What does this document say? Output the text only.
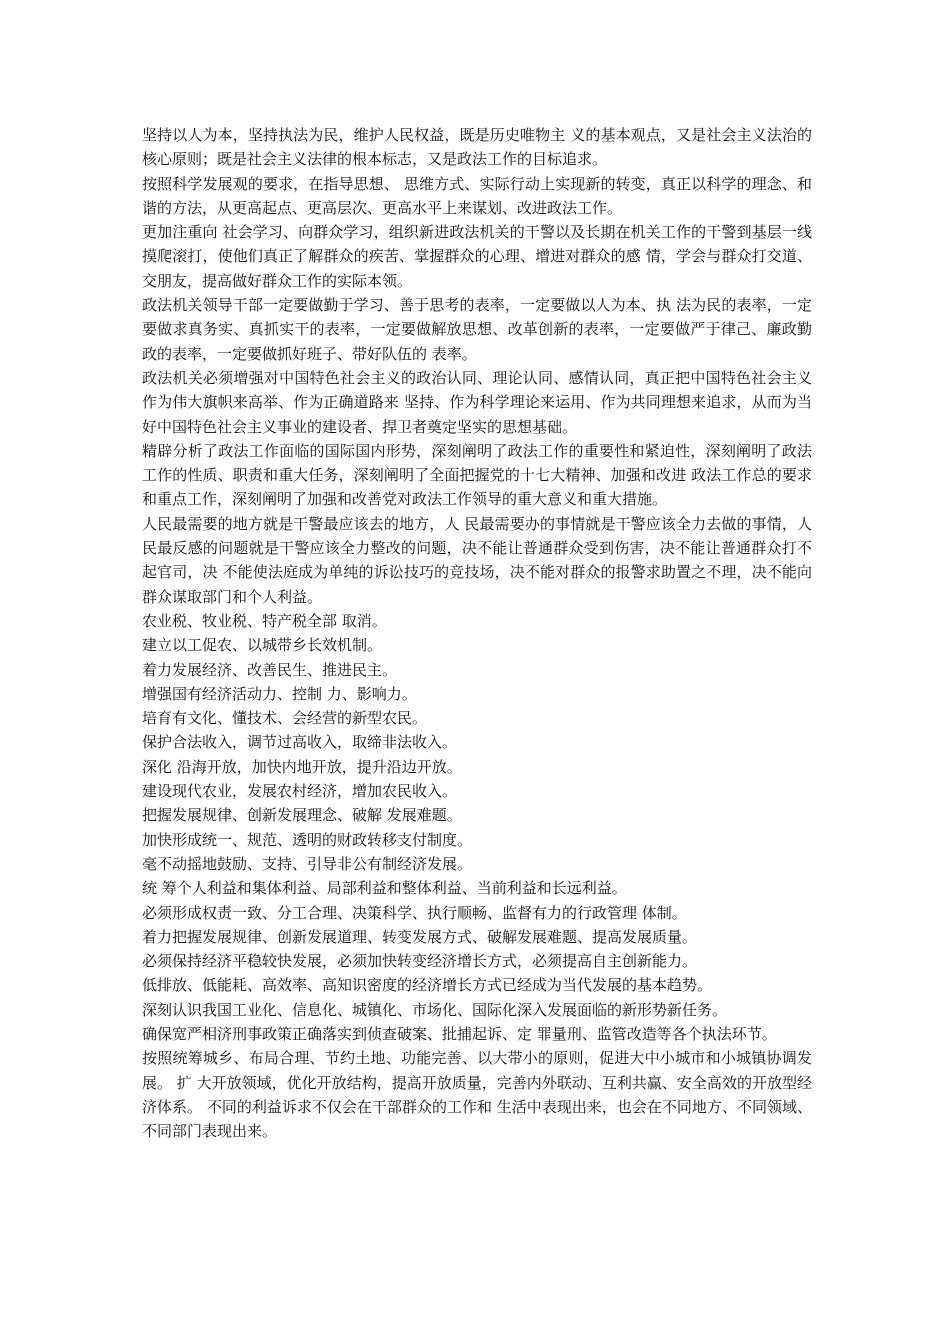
坚持以人为本，坚持执法为民，维护人民权益，既是历史唯物主 义的基本观点，又是社会主义法治的核心原则；既是社会主义法律的根本标志，又是政法工作的目标追求。

按照科学发展观的要求，在指导思想、 思维方式、实际行动上实现新的转变，真正以科学的理念、和谐的方法，从更高起点、更高层次、更高水平上来谋划、改进政法工作。

更加注重向 社会学习、向群众学习，组织新进政法机关的干警以及长期在机关工作的干警到基层一线摸爬滚打，使他们真正了解群众的疾苦、掌握群众的心理、增进对群众的感 情，学会与群众打交道、交朋友，提高做好群众工作的实际本领。

政法机关领导干部一定要做勤于学习、善于思考的表率，一定要做以人为本、执 法为民的表率，一定要做求真务实、真抓实干的表率，一定要做解放思想、改革创新的表率，一定要做严于律己、廉政勤政的表率，一定要做抓好班子、带好队伍的 表率。

政法机关必须增强对中国特色社会主义的政治认同、理论认同、感情认同，真正把中国特色社会主义作为伟大旗帜来高举、作为正确道路来 坚持、作为科学理论来运用、作为共同理想来追求，从而为当好中国特色社会主义事业的建设者、捍卫者奠定坚实的思想基础。

精辟分析了政法工作面临的国际国内形势，深刻阐明了政法工作的重要性和紧迫性，深刻阐明了政法工作的性质、职责和重大任务，深刻阐明了全面把握党的十七大精神、加强和改进 政法工作总的要求和重点工作，深刻阐明了加强和改善党对政法工作领导的重大意义和重大措施。

人民最需要的地方就是干警最应该去的地方，人 民最需要办的事情就是干警应该全力去做的事情，人民最反感的问题就是干警应该全力整改的问题，决不能让普通群众受到伤害，决不能让普通群众打不起官司，决 不能使法庭成为单纯的诉讼技巧的竞技场，决不能对群众的报警求助置之不理，决不能向群众谋取部门和个人利益。

农业税、牧业税、特产税全部 取消。

建立以工促农、以城带乡长效机制。

着力发展经济、改善民生、推进民主。

增强国有经济活动力、控制 力、影响力。

培育有文化、懂技术、会经营的新型农民。

保护合法收入，调节过高收入，取缔非法收入。

深化 沿海开放，加快内地开放，提升沿边开放。

建设现代农业，发展农村经济，增加农民收入。

把握发展规律、创新发展理念、破解 发展难题。

加快形成统一、规范、透明的财政转移支付制度。

毫不动摇地鼓励、支持、引导非公有制经济发展。

统 筹个人利益和集体利益、局部利益和整体利益、当前利益和长远利益。

必须形成权责一致、分工合理、决策科学、执行顺畅、监督有力的行政管理 体制。

着力把握发展规律、创新发展道理、转变发展方式、破解发展难题、提高发展质量。

必须保持经济平稳较快发展，必须加快转变经济增长方式，必须提高自主创新能力。

低排放、低能耗、高效率、高知识密度的经济增长方式已经成为当代发展的基本趋势。

深刻认识我国工业化、信息化、城镇化、市场化、国际化深入发展面临的新形势新任务。

确保宽严相济刑事政策正确落实到侦查破案、批捕起诉、定 罪量刑、监管改造等各个执法环节。

按照统筹城乡、布局合理、节约土地、功能完善、以大带小的原则，促进大中小城市和小城镇协调发展。 扩 大开放领域，优化开放结构，提高开放质量，完善内外联动、互利共赢、安全高效的开放型经济体系。 不同的利益诉求不仅会在干部群众的工作和 生活中表现出来，也会在不同地方、不同领域、不同部门表现出来。
